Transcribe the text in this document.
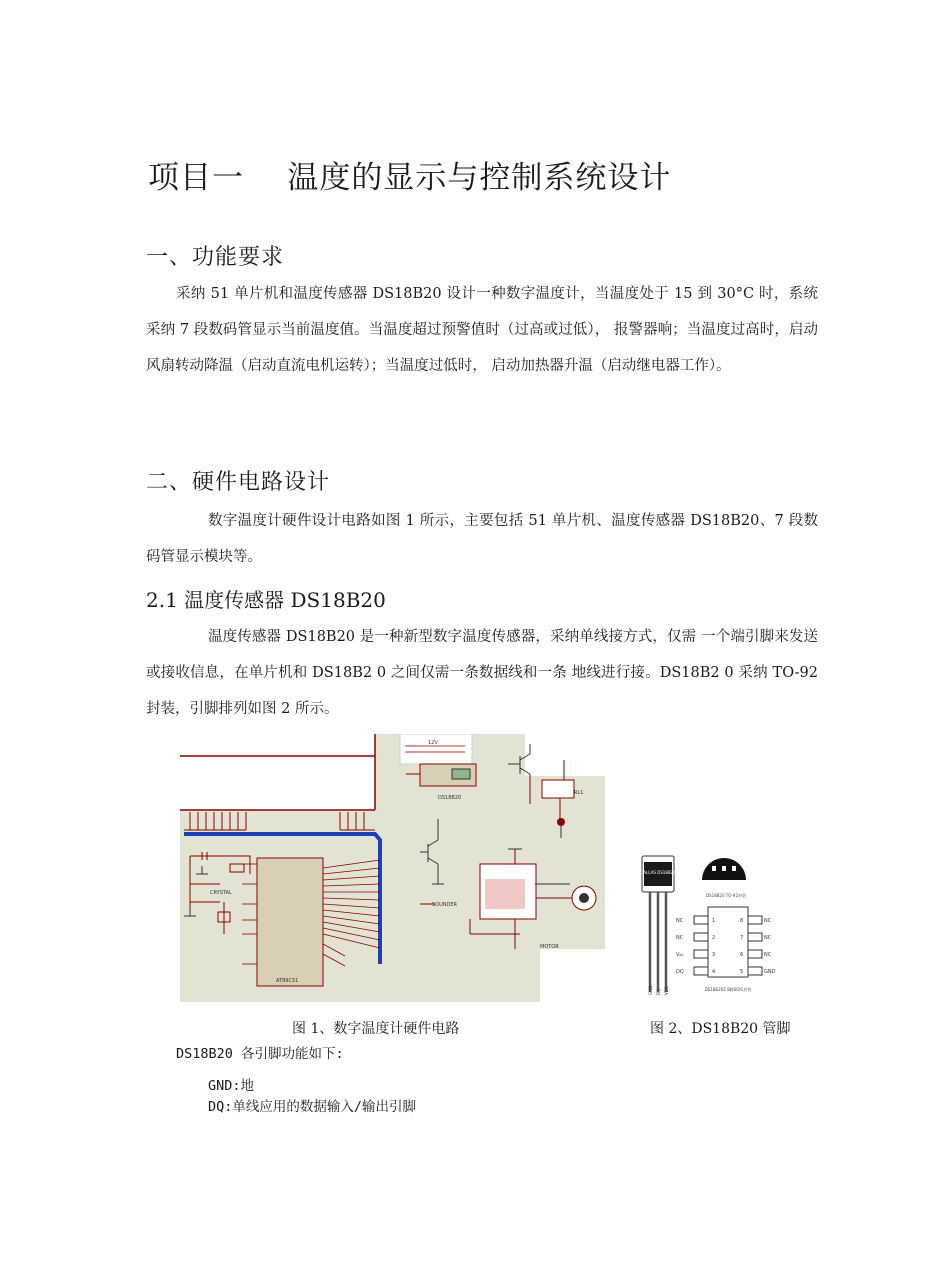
项目一    温度的显示与控制系统设计
一、功能要求
采纳 51 单片机和温度传感器 DS18B20 设计一种数字温度计，当温度处于 15 到 30°C 时，系统采纳 7 段数码管显示当前温度值。当温度超过预警值时（过高或过低）， 报警器响；当温度过高时，启动风扇转动降温（启动直流电机运转）；当温度过低时， 启动加热器升温（启动继电器工作）。
二、硬件电路设计
数字温度计硬件设计电路如图 1 所示，主要包括 51 单片机、温度传感器 DS18B20、7 段数码管显示模块等。
2.1 温度传感器 DS18B20
温度传感器 DS18B20 是一种新型数字温度传感器，采纳单线接方式，仅需 一个端引脚来发送或接收信息，在单片机和 DS18B2 0 之间仅需一条数据线和一条 地线进行接。DS18B2 0 采纳 TO-92 封装，引脚排列如图 2 所示。
AT89C51
CRYSTAL
DS18B20
RL1
12V
SOUNDER
MOTOR
DALLAS DS18B20
DS18B20 TO-92封装
NC
NC
V₀₀
DQ
NC
NC
NC
GND
1
2
3
4
8
7
6
5
DS18B20Z 8脚SOIC封装
GND DQ VDD
图 1、数字温度计硬件电路	图 2、DS18B20 管脚
DS18B20 各引脚功能如下:
GND:地
DQ:单线应用的数据输入/输出引脚
